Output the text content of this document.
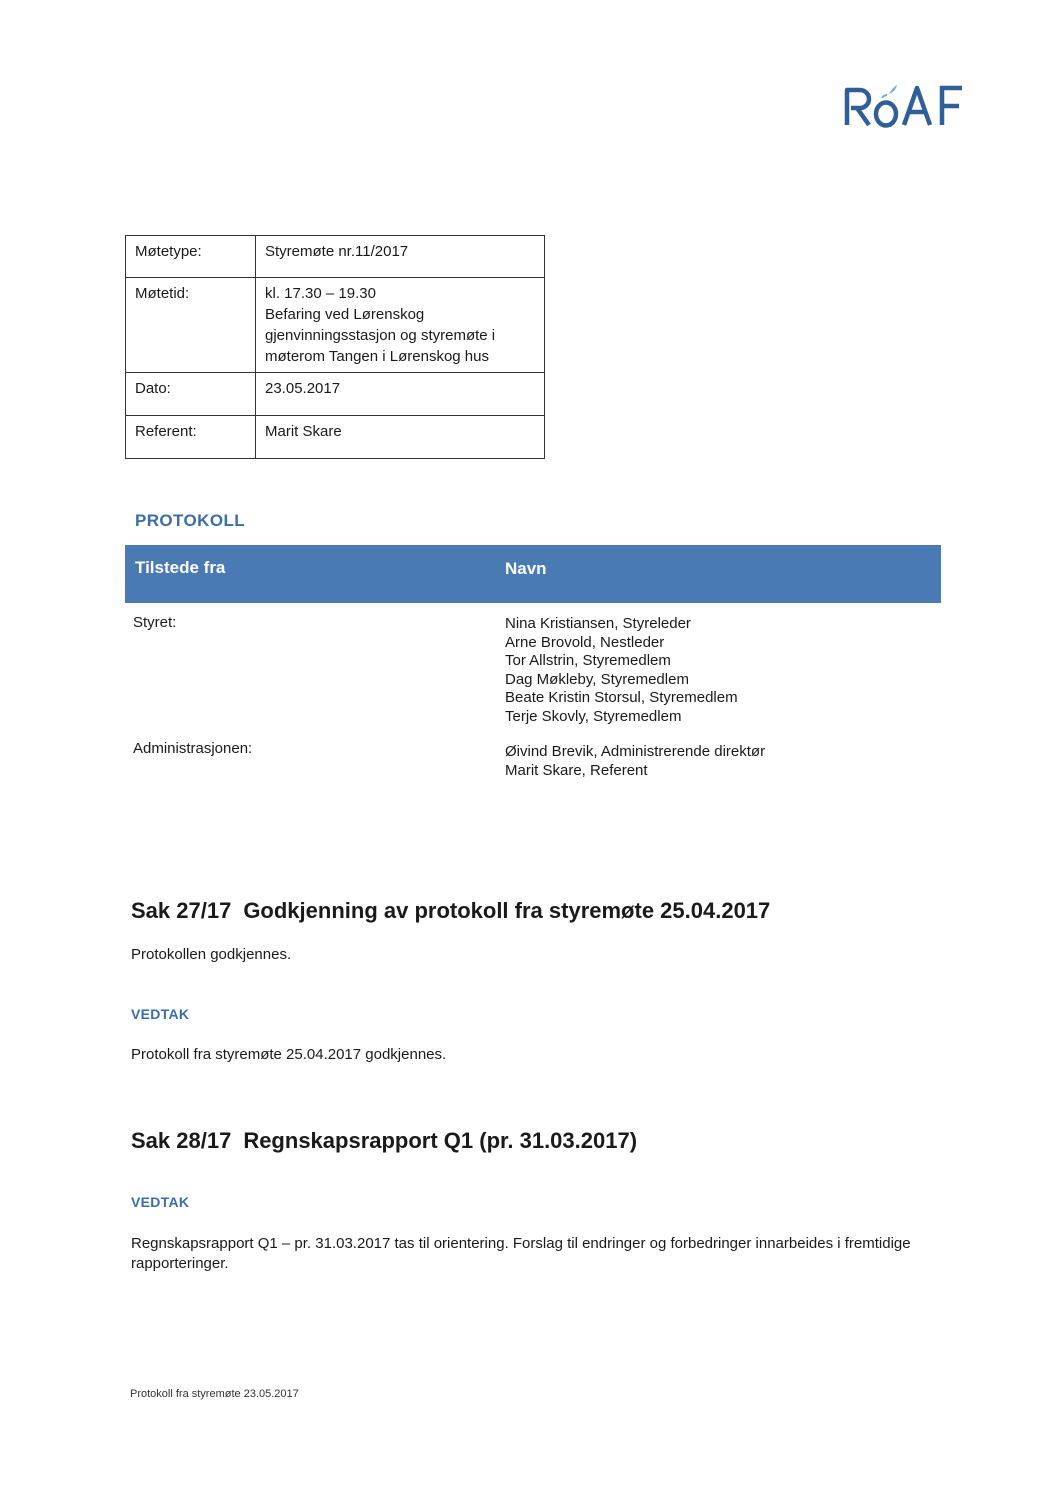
Møtetype:	Styremøte nr.11/2017
Møtetid:	kl. 17.30 – 19.30
Befaring ved Lørenskog
gjenvinningsstasjon og styremøte i
møterom Tangen i Lørenskog hus
Dato:	23.05.2017
Referent:	Marit Skare
PROTOKOLL
Tilstede fra	Navn
Styret:	Nina Kristiansen, Styreleder
Arne Brovold, Nestleder
Tor Allstrin, Styremedlem
Dag Møkleby, Styremedlem
Beate Kristin Storsul, Styremedlem
Terje Skovly, Styremedlem
Administrasjonen:	Øivind Brevik, Administrerende direktør
Marit Skare, Referent
Sak 27/17 Godkjenning av protokoll fra styremøte 25.04.2017
Protokollen godkjennes.
VEDTAK
Protokoll fra styremøte 25.04.2017 godkjennes.
Sak 28/17 Regnskapsrapport Q1 (pr. 31.03.2017)
VEDTAK
Regnskapsrapport Q1 – pr. 31.03.2017 tas til orientering. Forslag til endringer og forbedringer innarbeides i fremtidige rapporteringer.
Protokoll fra styremøte 23.05.2017
